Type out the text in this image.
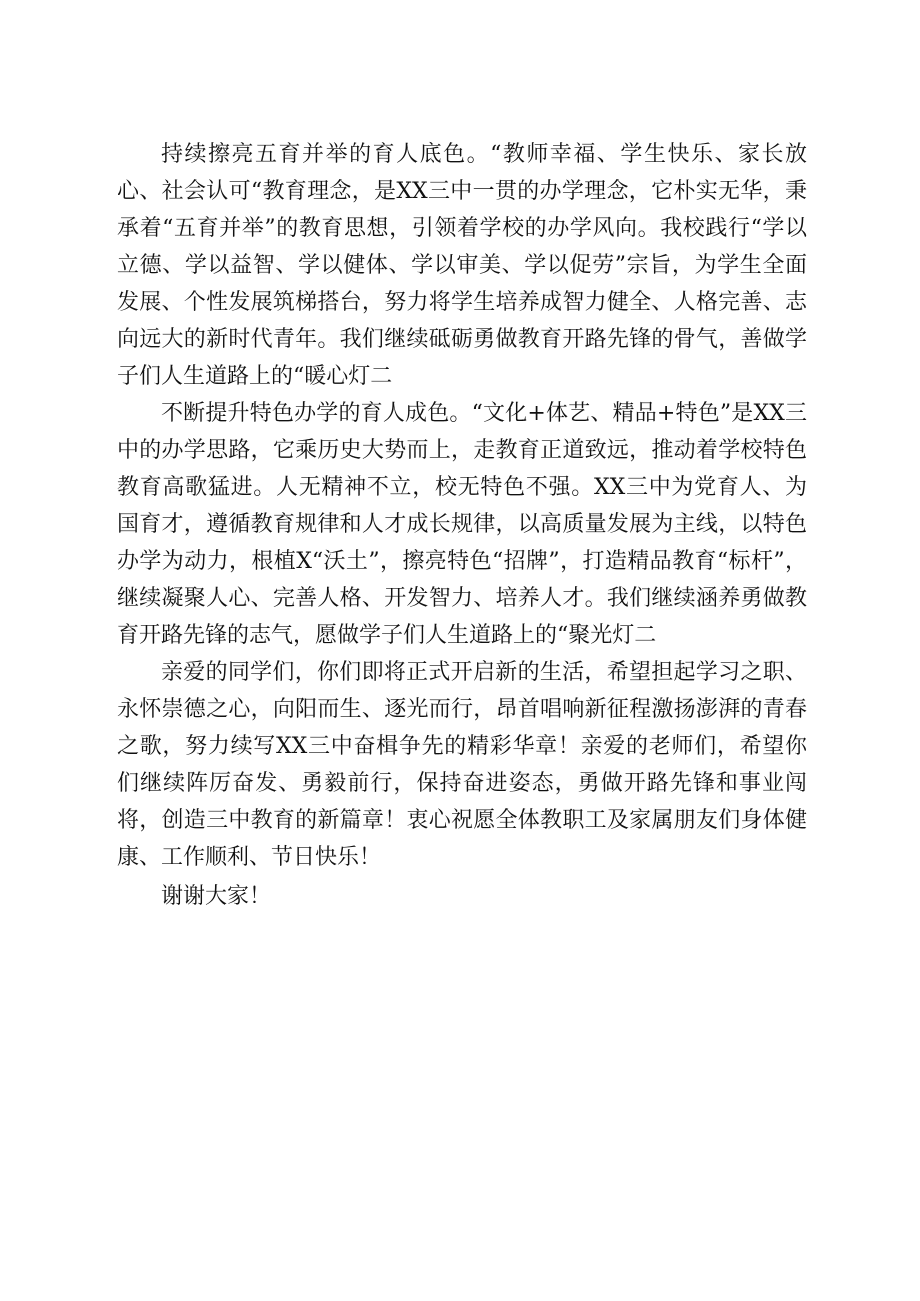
持续擦亮五育并举的育人底色。“教师幸福、学生快乐、家长放心、社会认可“教育理念，是XX三中一贯的办学理念，它朴实无华，秉承着“五育并举”的教育思想，引领着学校的办学风向。我校践行“学以立德、学以益智、学以健体、学以审美、学以促劳”宗旨，为学生全面发展、个性发展筑梯搭台，努力将学生培养成智力健全、人格完善、志向远大的新时代青年。我们继续砥砺勇做教育开路先锋的骨气，善做学子们人生道路上的“暖心灯二

不断提升特色办学的育人成色。“文化+体艺、精品+特色”是XX三中的办学思路，它乘历史大势而上，走教育正道致远，推动着学校特色教育高歌猛进。人无精神不立，校无特色不强。XX三中为党育人、为国育才，遵循教育规律和人才成长规律，以高质量发展为主线，以特色办学为动力，根植X“沃土”，擦亮特色“招牌”，打造精品教育“标杆”，继续凝聚人心、完善人格、开发智力、培养人才。我们继续涵养勇做教育开路先锋的志气，愿做学子们人生道路上的“聚光灯二

亲爱的同学们，你们即将正式开启新的生活，希望担起学习之职、永怀崇德之心，向阳而生、逐光而行，昂首唱响新征程激扬澎湃的青春之歌，努力续写XX三中奋楫争先的精彩华章！亲爱的老师们，希望你们继续阵厉奋发、勇毅前行，保持奋进姿态，勇做开路先锋和事业闯将，创造三中教育的新篇章！衷心祝愿全体教职工及家属朋友们身体健康、工作顺利、节日快乐！

谢谢大家！
